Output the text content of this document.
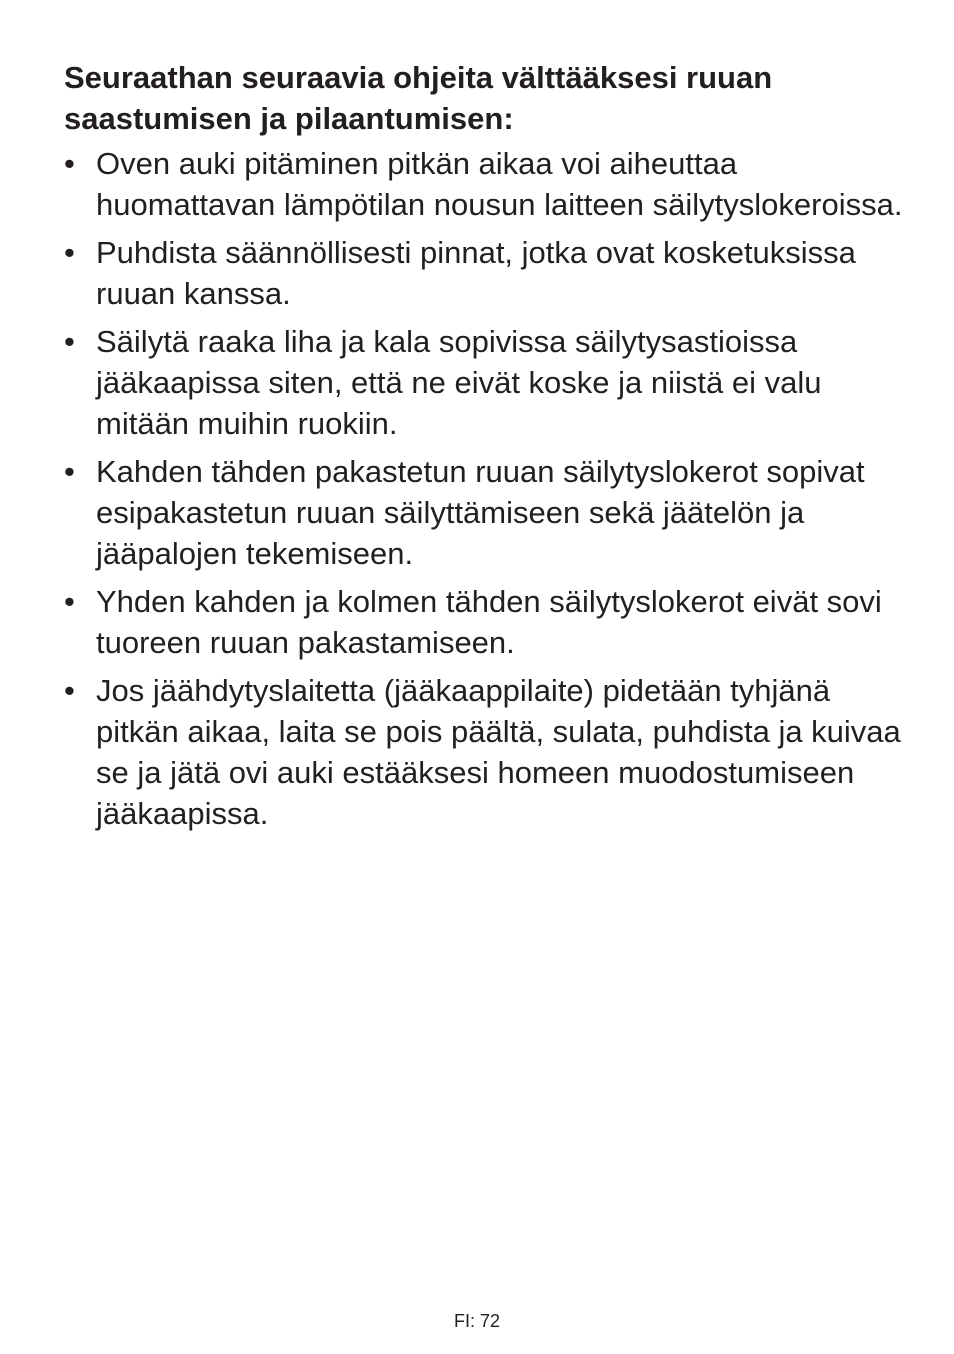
Seuraathan seuraavia ohjeita välttääksesi ruuan saastumisen ja pilaantumisen:
• Oven auki pitäminen pitkän aikaa voi aiheuttaa huomattavan lämpötilan nousun laitteen säilytyslokeroissa.
• Puhdista säännöllisesti pinnat, jotka ovat kosketuksissa ruuan kanssa.
• Säilytä raaka liha ja kala sopivissa säilytysastioissa jääkaapissa siten, että ne eivät koske ja niistä ei valu mitään muihin ruokiin.
• Kahden tähden pakastetun ruuan säilytyslokerot sopivat esipakastetun ruuan säilyttämiseen sekä jäätelön ja jääpalojen tekemiseen.
• Yhden kahden ja kolmen tähden säilytyslokerot eivät sovi tuoreen ruuan pakastamiseen.
• Jos jäähdytyslaitetta (jääkaappilaite) pidetään tyhjänä pitkän aikaa, laita se pois päältä, sulata, puhdista ja kuivaa se ja jätä ovi auki estääksesi homeen muodostumiseen jääkaapissa.
FI: 72
